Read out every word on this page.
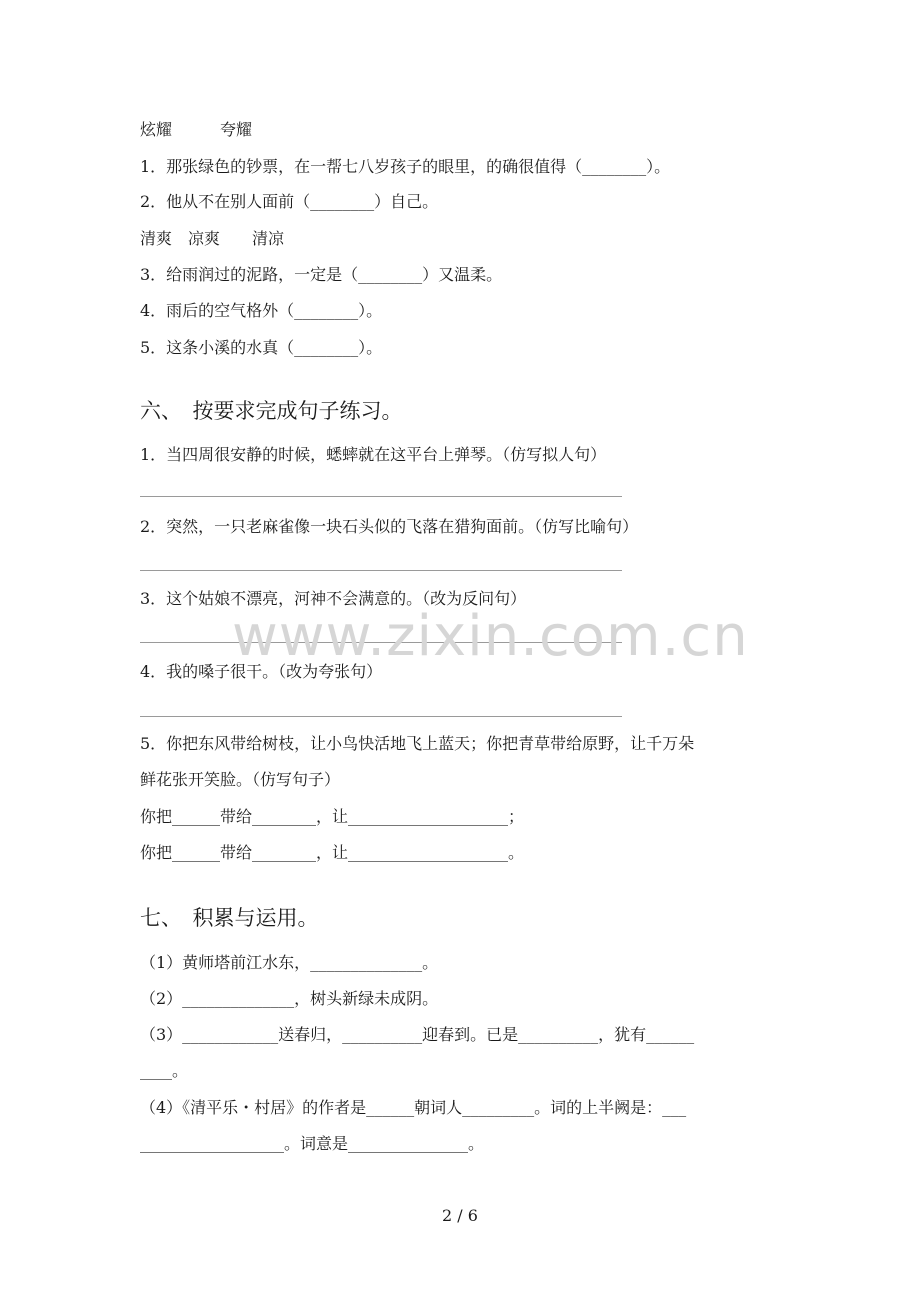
炫耀　　　夸耀
1．那张绿色的钞票，在一帮七八岁孩子的眼里，的确很值得（________）。
2．他从不在别人面前（________）自己。
清爽　凉爽　　清凉
3．给雨润过的泥路，一定是（________）又温柔。
4．雨后的空气格外（________）。
5．这条小溪的水真（________）。
六、　按要求完成句子练习。
1．当四周很安静的时候，蟋蟀就在这平台上弹琴。（仿写拟人句）
2．突然，一只老麻雀像一块石头似的飞落在猎狗面前。（仿写比喻句）
3．这个姑娘不漂亮，河神不会满意的。（改为反问句）
4．我的嗓子很干。（改为夸张句）
5．你把东风带给树枝，让小鸟快活地飞上蓝天；你把青草带给原野，让千万朵
鲜花张开笑脸。（仿写句子）
你把______带给________，让____________________；
你把______带给________，让____________________。
七、　积累与运用。
（1）黄师塔前江水东，______________。
（2）______________，树头新绿未成阴。
（3）____________送春归，__________迎春到。已是__________，犹有______
____。
（4）《清平乐・村居》的作者是______朝词人_________。词的上半阙是：___
__________________。词意是_______________。
www.zixin.com.cn
2 / 6
